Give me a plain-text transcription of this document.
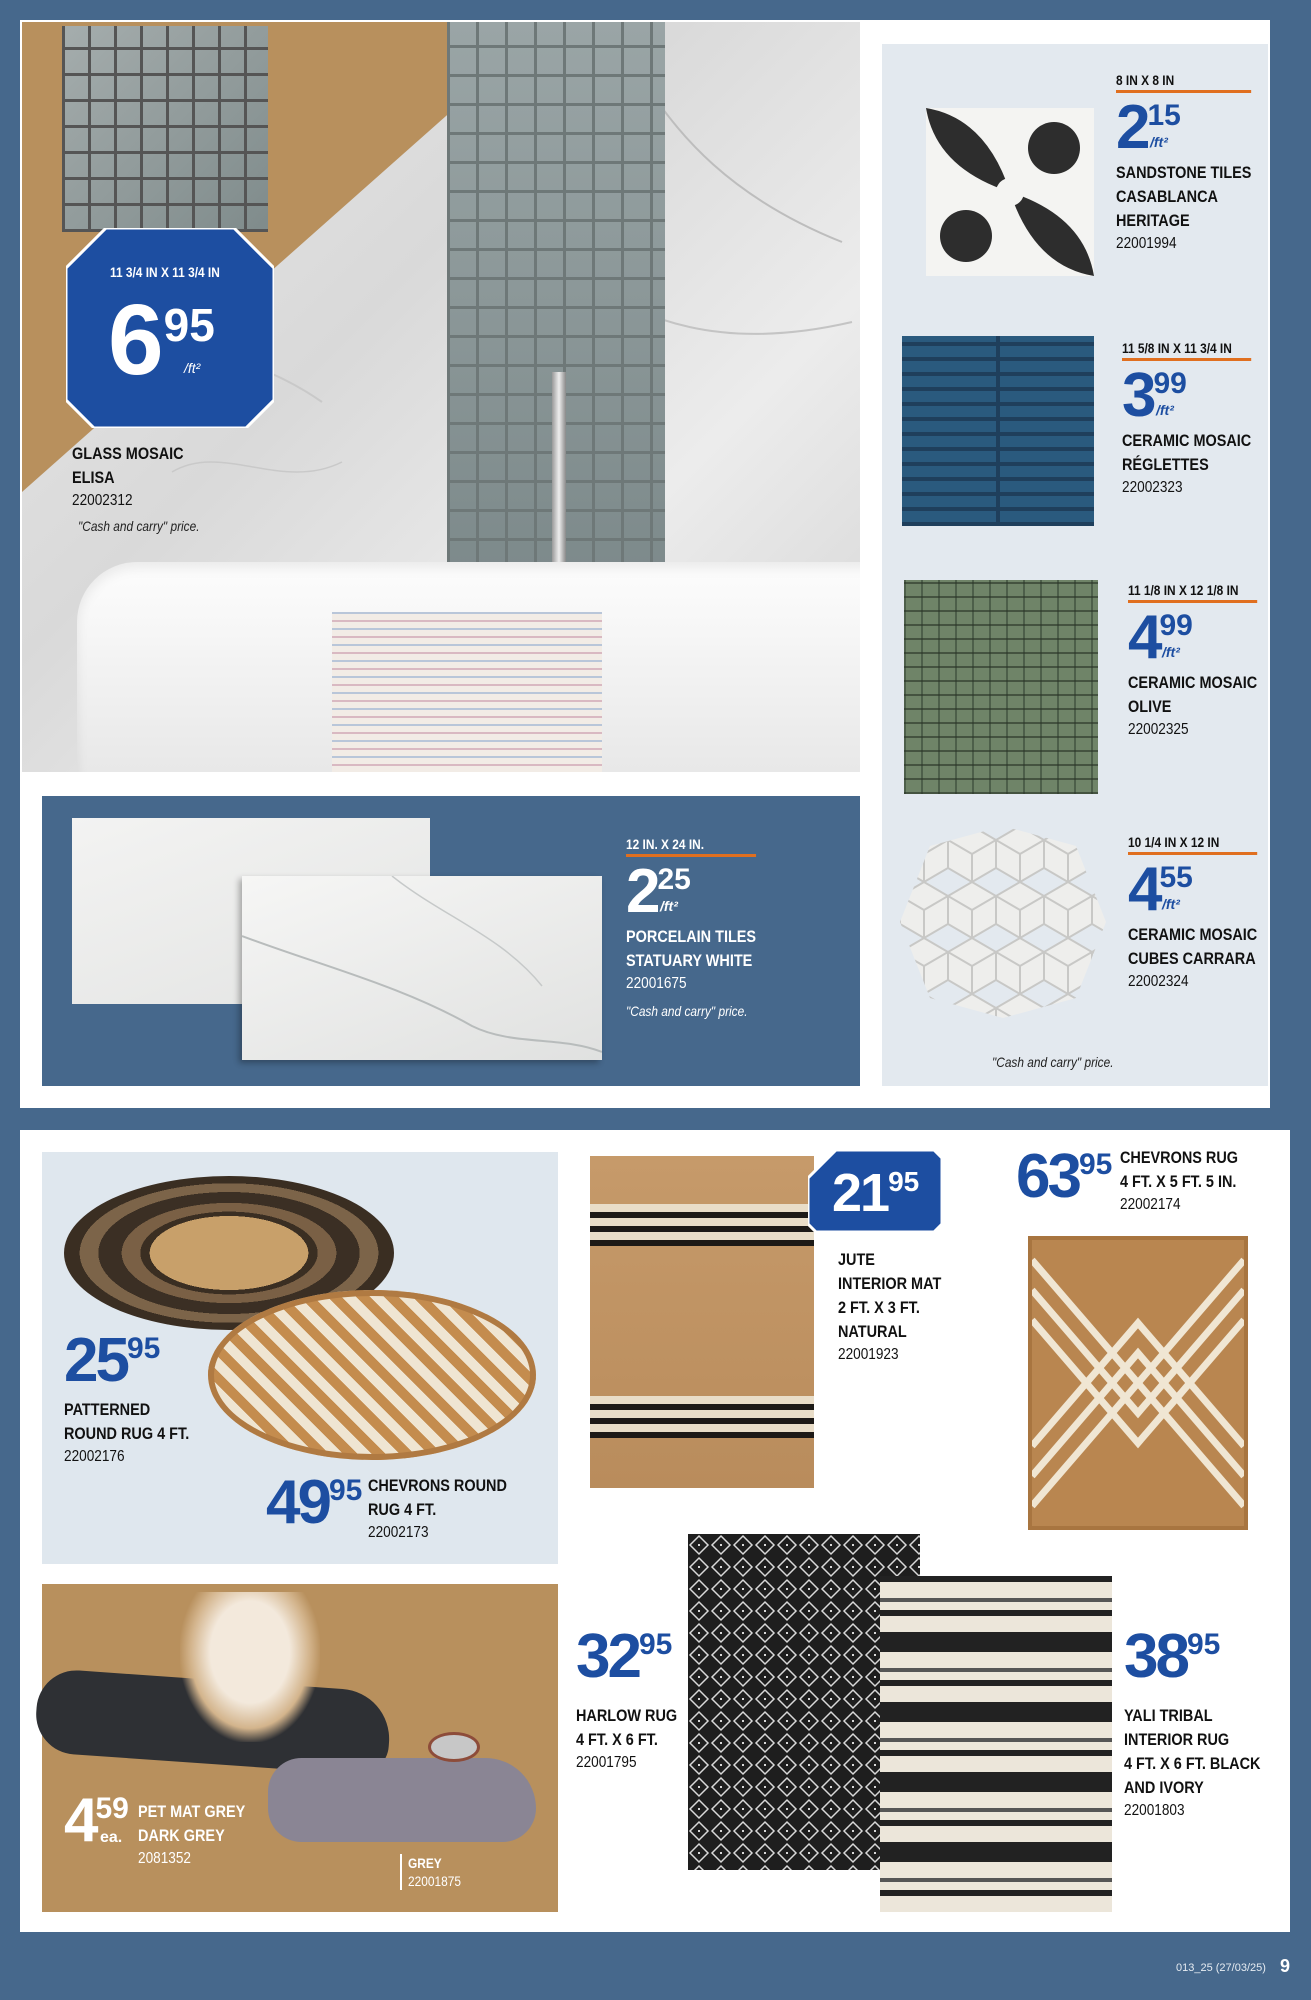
11 3/4 IN X 11 3/4 IN
695
/ft²
GLASS MOSAIC
ELISA
22002312
"Cash and carry" price.
8 IN X 8 IN
215
/ft²
SANDSTONE TILES
CASABLANCA
HERITAGE
22001994
11 5/8 IN X 11 3/4 IN
399
/ft²
CERAMIC MOSAIC
RÉGLETTES
22002323
11 1/8 IN X 12 1/8 IN
499
/ft²
CERAMIC MOSAIC
OLIVE
22002325
10 1/4 IN X 12 IN
455
/ft²
CERAMIC MOSAIC
CUBES CARRARA
22002324
"Cash and carry" price.
12 IN. X 24 IN.
225
/ft²
PORCELAIN TILES
STATUARY WHITE
22001675
"Cash and carry" price.
2595
PATTERNED
ROUND RUG 4 FT.
22002176
4995 CHEVRONS ROUND
RUG 4 FT.
22002173
459
ea.
PET MAT GREY
DARK GREY
2081352	GREY
22001875
2195
JUTE
INTERIOR MAT
2 FT. X 3 FT.
NATURAL
22001923
6395 CHEVRONS RUG
4 FT. X 5 FT. 5 IN.
22002174
3295
HARLOW RUG
4 FT. X 6 FT.
22001795
3895
YALI TRIBAL
INTERIOR RUG
4 FT. X 6 FT. BLACK
AND IVORY
22001803
013_25 (27/03/25) 9
